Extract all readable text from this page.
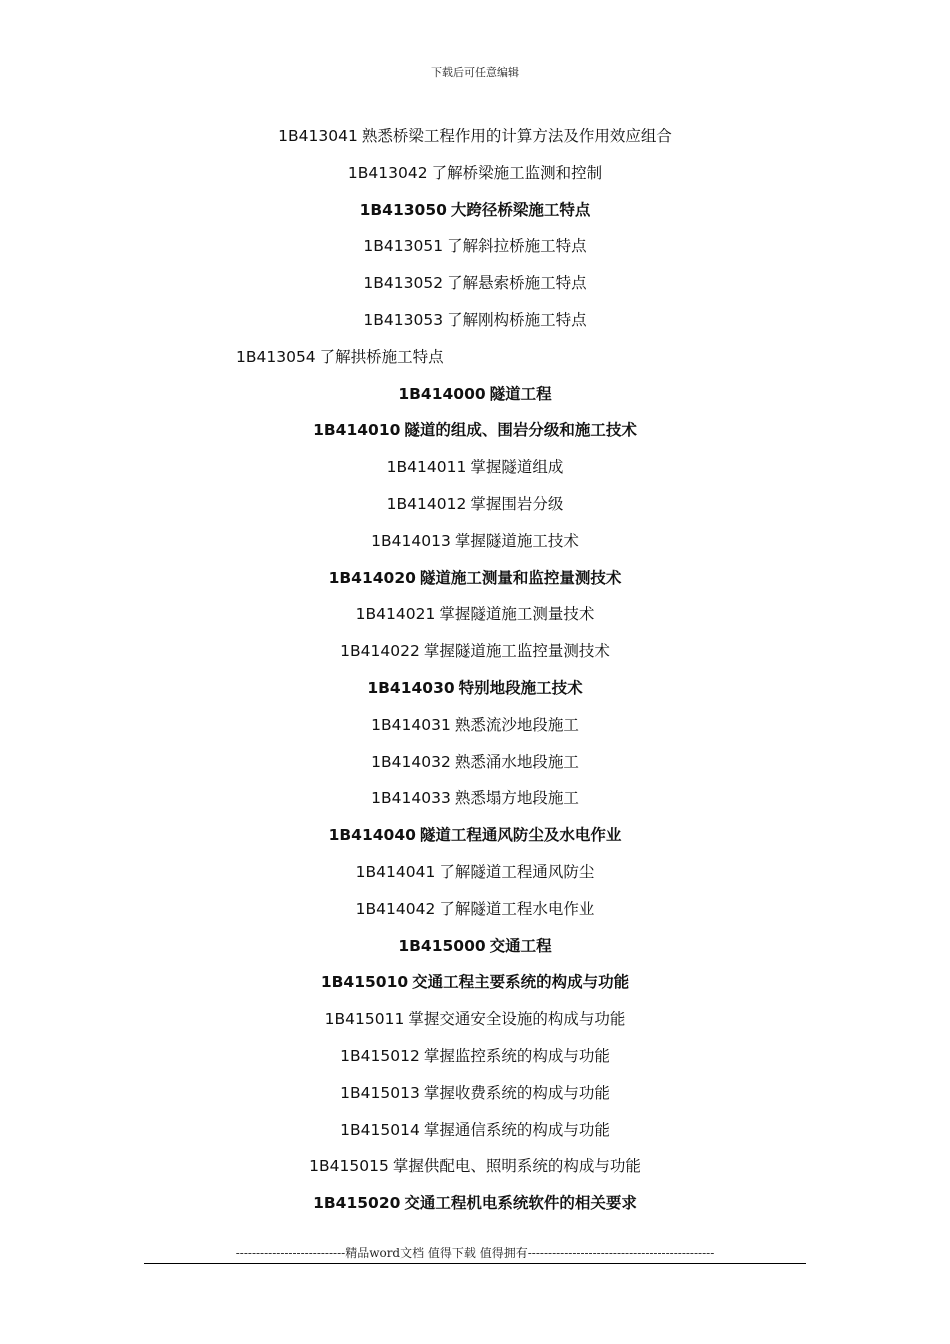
下载后可任意编辑
1B413041 熟悉桥梁工程作用的计算方法及作用效应组合
1B413042 了解桥梁施工监测和控制
1B413050 大跨径桥梁施工特点
1B413051 了解斜拉桥施工特点
1B413052 了解悬索桥施工特点
1B413053 了解刚构桥施工特点
1B413054 了解拱桥施工特点
1B414000 隧道工程
1B414010 隧道的组成、围岩分级和施工技术
1B414011 掌握隧道组成
1B414012 掌握围岩分级
1B414013 掌握隧道施工技术
1B414020 隧道施工测量和监控量测技术
1B414021 掌握隧道施工测量技术
1B414022 掌握隧道施工监控量测技术
1B414030 特别地段施工技术
1B414031 熟悉流沙地段施工
1B414032 熟悉涌水地段施工
1B414033 熟悉塌方地段施工
1B414040 隧道工程通风防尘及水电作业
1B414041 了解隧道工程通风防尘
1B414042 了解隧道工程水电作业
1B415000 交通工程
1B415010 交通工程主要系统的构成与功能
1B415011 掌握交通安全设施的构成与功能
1B415012 掌握监控系统的构成与功能
1B415013 掌握收费系统的构成与功能
1B415014 掌握通信系统的构成与功能
1B415015 掌握供配电、照明系统的构成与功能
1B415020 交通工程机电系统软件的相关要求
---------------------------精品word文档 值得下载 值得拥有----------------------------------------------
